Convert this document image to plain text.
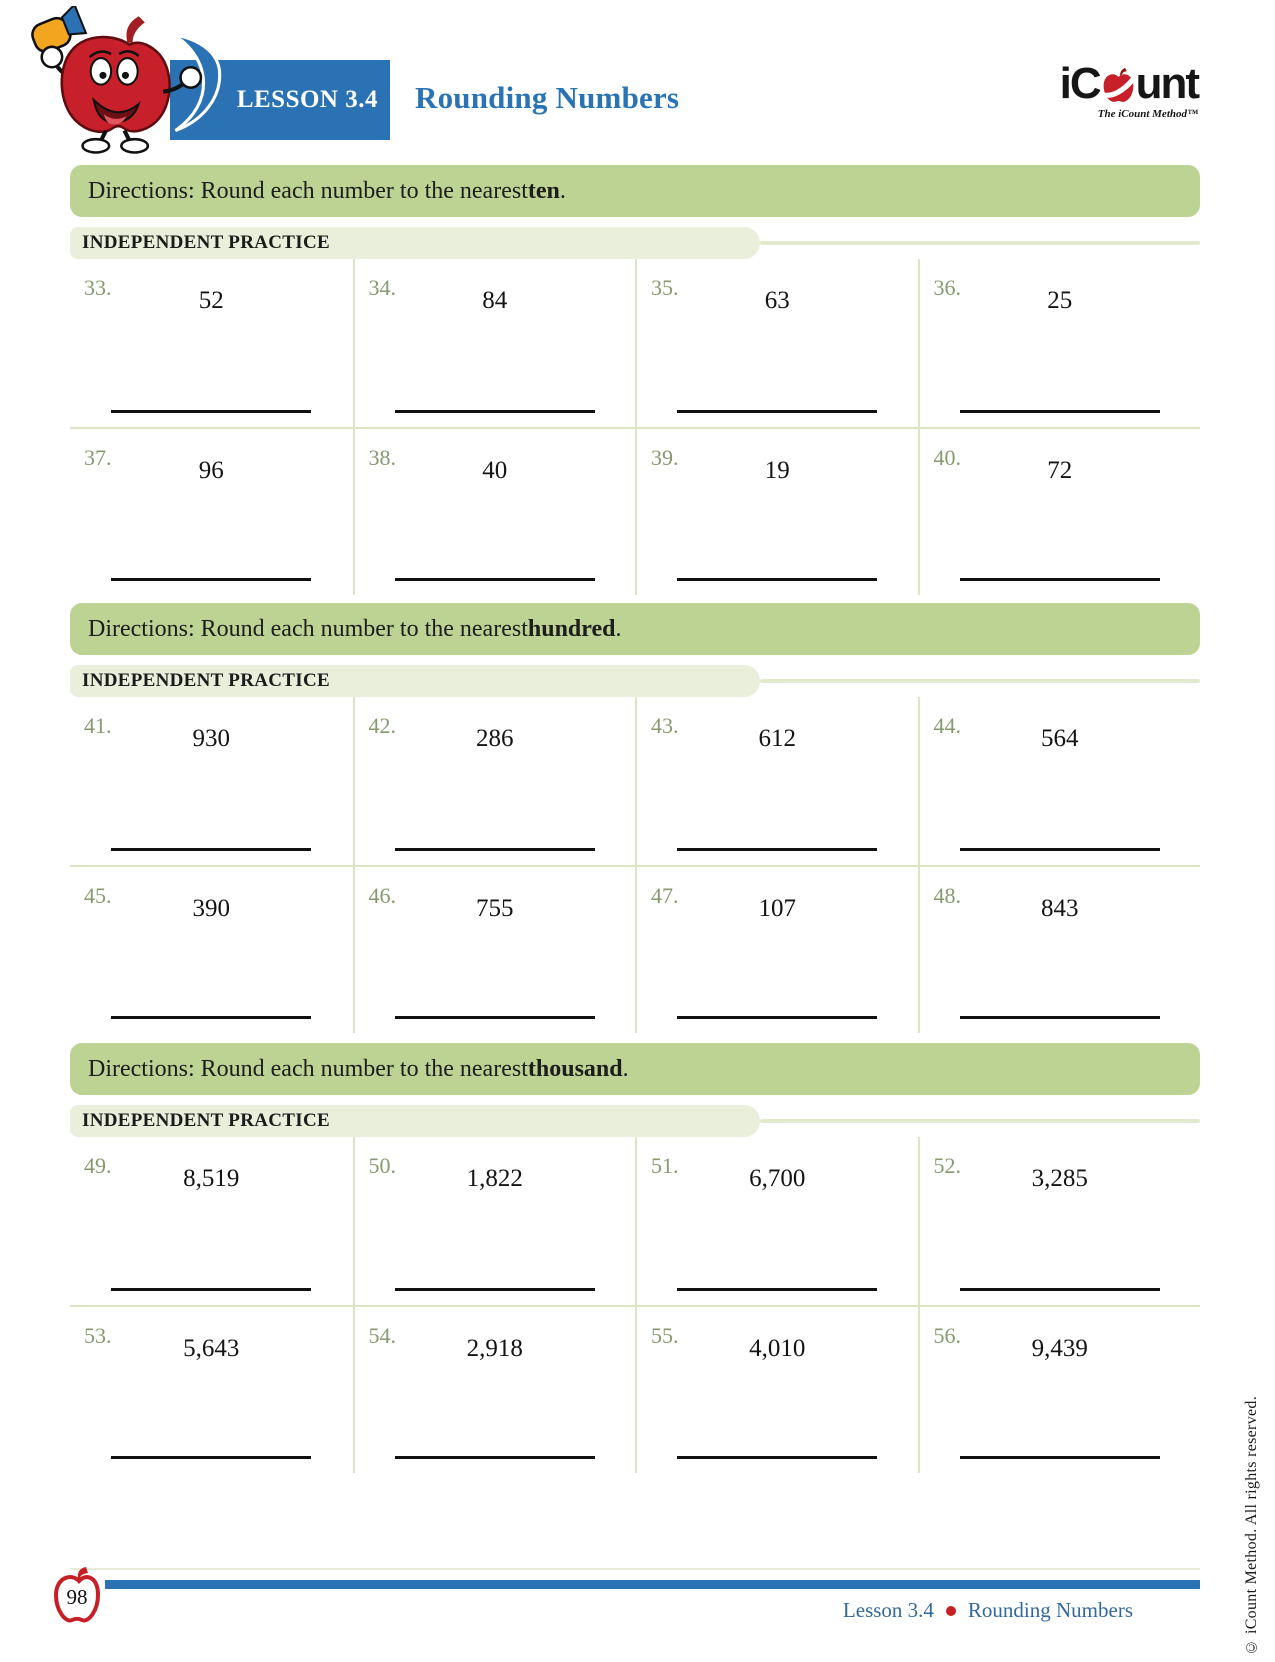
LESSON 3.4	Rounding Numbers	iC unt
The iCount Method™
Directions: Round each number to the nearest ten .
INDEPENDENT PRACTICE
33.	52	34.	84	35.	63	36.	25
37.	96	38.	40	39.	19	40.	72
Directions: Round each number to the nearest hundred .
INDEPENDENT PRACTICE
41.	930	42.	286	43.	612	44.	564
45.	390	46.	755	47.	107	48.	843
Directions: Round each number to the nearest thousand .
INDEPENDENT PRACTICE
49.	8,519	50.	1,822	51.	6,700	52.	3,285
53.	5,643	54.	2,918	55.	4,010	56.	9,439
98
Lesson 3.4 Rounding Numbers	© iCount Method. All rights reserved.
